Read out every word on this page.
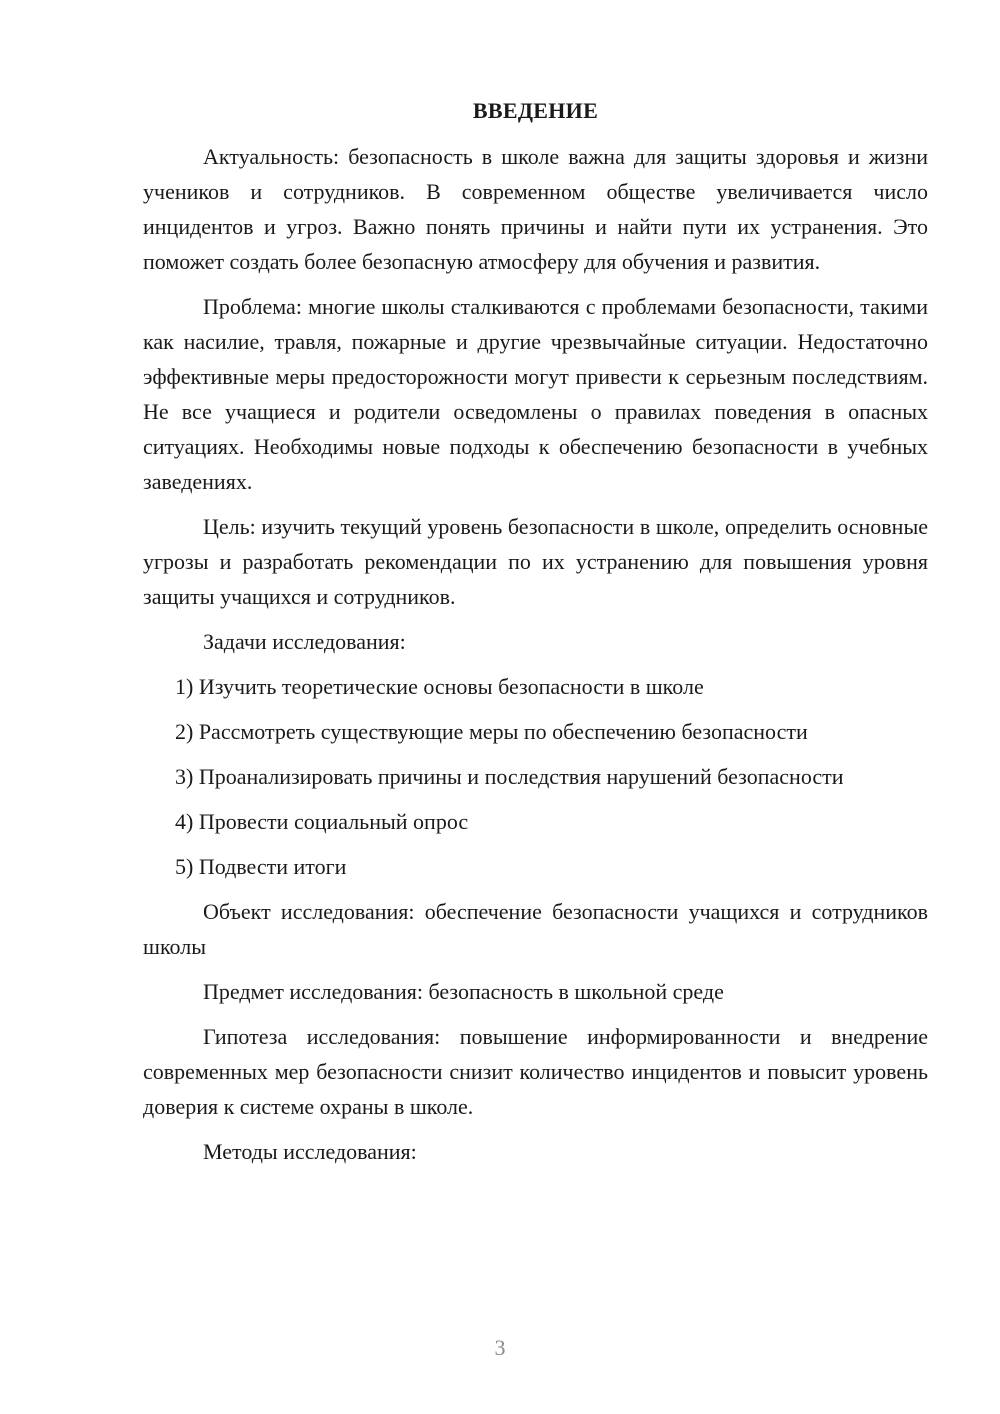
ВВЕДЕНИЕ

Актуальность: безопасность в школе важна для защиты здоровья и жизни учеников и сотрудников. В современном обществе увеличивается число инцидентов и угроз. Важно понять причины и найти пути их устранения. Это поможет создать более безопасную атмосферу для обучения и развития.

Проблема: многие школы сталкиваются с проблемами безопасности, такими как насилие, травля, пожарные и другие чрезвычайные ситуации. Недостаточно эффективные меры предосторожности могут привести к серьезным последствиям. Не все учащиеся и родители осведомлены о правилах поведения в опасных ситуациях. Необходимы новые подходы к обеспечению безопасности в учебных заведениях.

Цель: изучить текущий уровень безопасности в школе, определить основные угрозы и разработать рекомендации по их устранению для повышения уровня защиты учащихся и сотрудников.

Задачи исследования:

1) Изучить теоретические основы безопасности в школе

2) Рассмотреть существующие меры по обеспечению безопасности

3) Проанализировать причины и последствия нарушений безопасности

4) Провести социальный опрос

5) Подвести итоги

Объект исследования: обеспечение безопасности учащихся и сотрудников школы

Предмет исследования: безопасность в школьной среде

Гипотеза исследования: повышение информированности и внедрение современных мер безопасности снизит количество инцидентов и повысит уровень доверия к системе охраны в школе.

Методы исследования:

3
